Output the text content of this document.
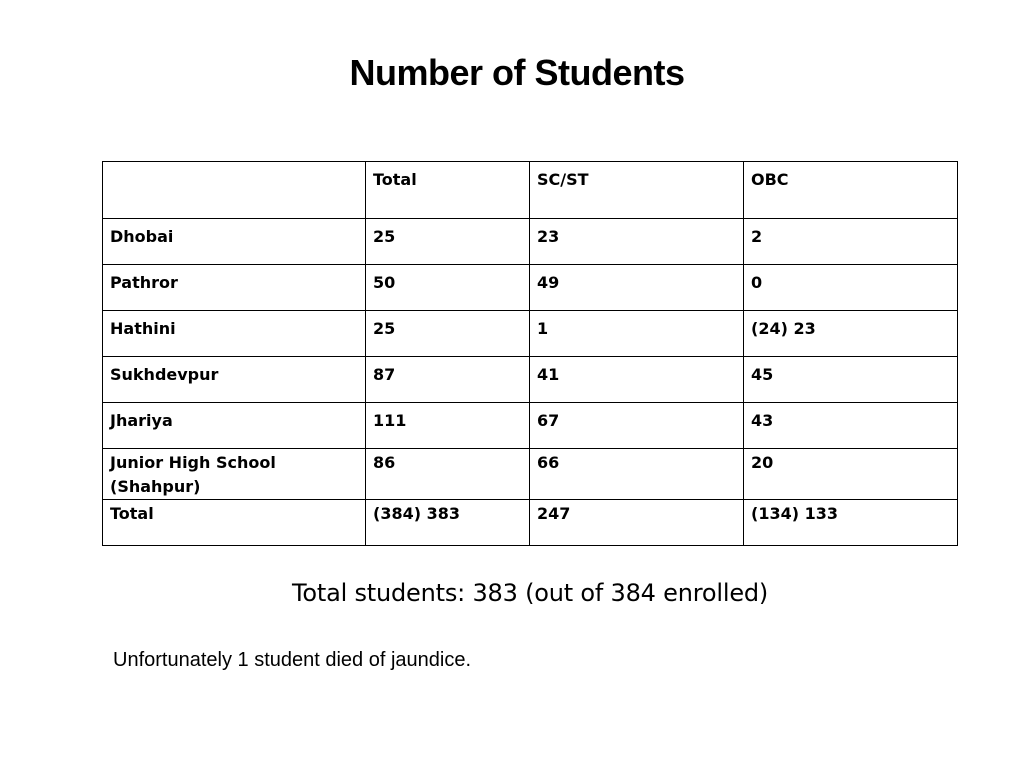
Number of Students
	Total	SC/ST	OBC
Dhobai	25	23	2
Pathror	50	49	0
Hathini	25	1	(24) 23
Sukhdevpur	87	41	45
Jhariya	111	67	43
Junior High School (Shahpur)	86	66	20
Total	(384) 383	247	(134) 133
Total students: 383 (out of 384 enrolled)
Unfortunately 1 student died of jaundice.
